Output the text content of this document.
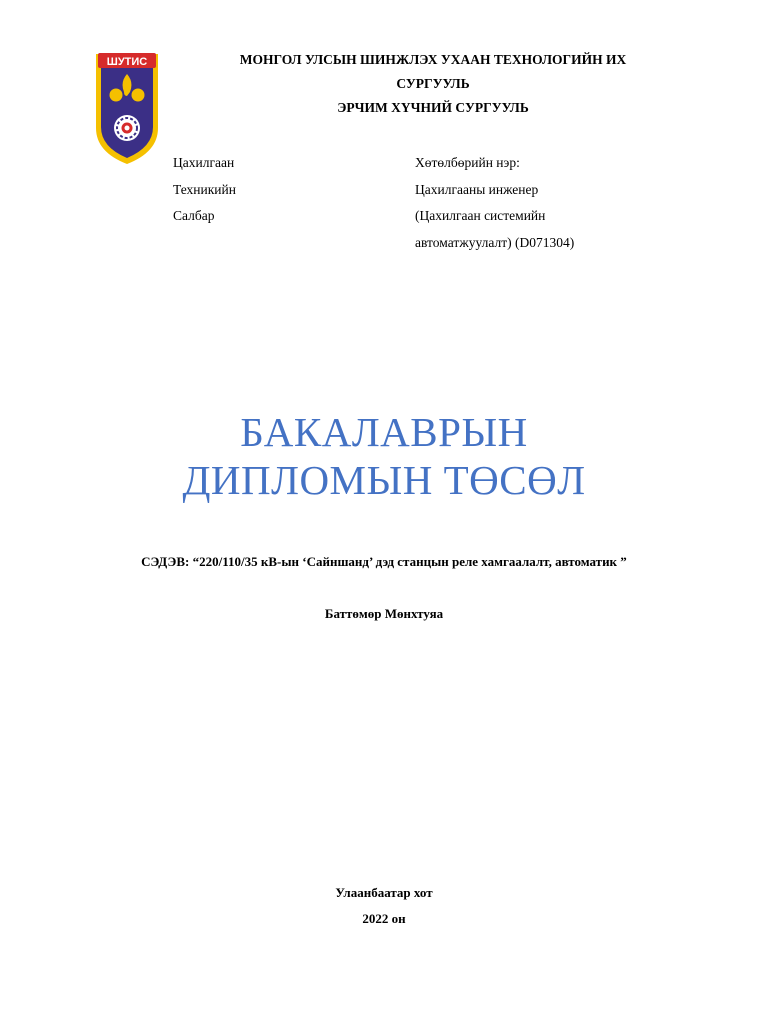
ШУТИС	МОНГОЛ УЛСЫН ШИНЖЛЭХ УХААН ТЕХНОЛОГИЙН ИХ
СУРГУУЛЬ
ЭРЧИМ ХҮЧНИЙ СУРГУУЛЬ
Цахилгаан
Техникийн
Салбар
Хөтөлбөрийн нэр:
Цахилгааны инженер
(Цахилгаан системийн
автоматжуулалт) (D071304)
БАКАЛАВРЫН
ДИПЛОМЫН ТӨСӨЛ
СЭДЭВ: “220/110/35 кВ-ын ‘Сайншанд’ дэд станцын реле хамгаалалт, автоматик ”
Баттөмөр Мөнхтуяа
Улаанбаатар хот
2022 он
